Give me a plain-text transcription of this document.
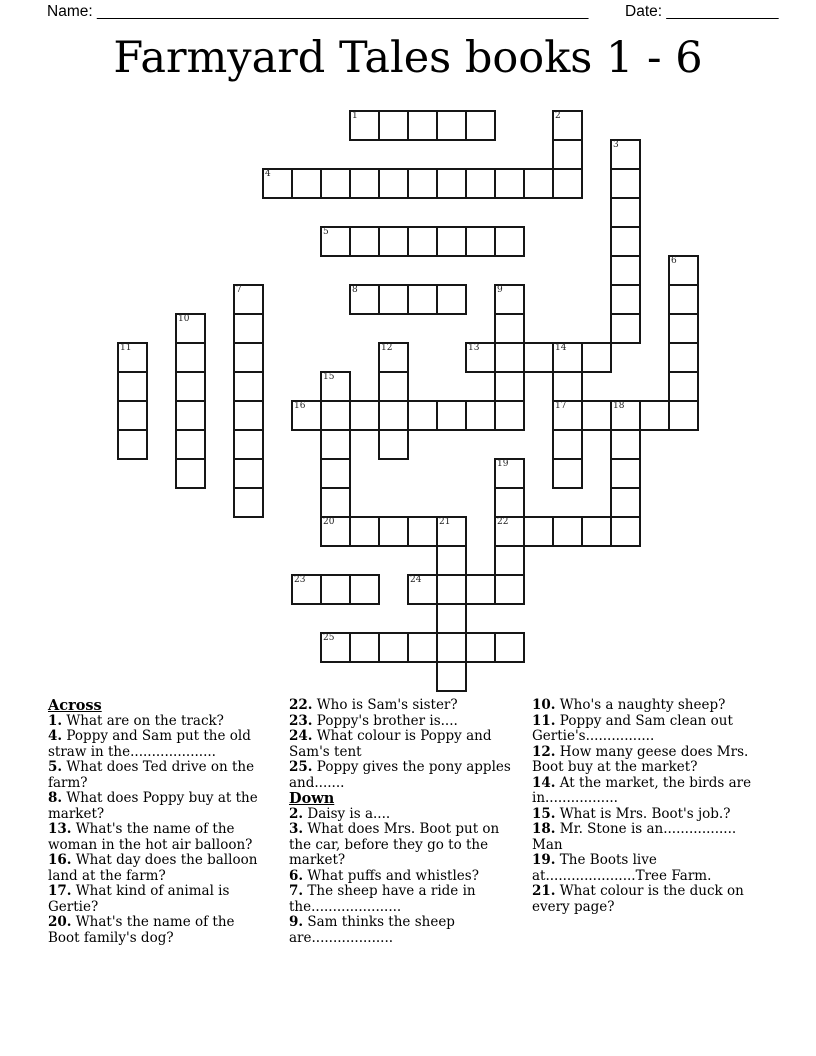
Name: _________________________________________________________ Date: _____________
Farmyard Tales books 1 - 6
1	2
3
4
5
6
7	8	9
10
11	12	13	14
17
15
20
16	18
19
22
21
23	24
25
Across

1. What are on the track?

4. Poppy and Sam put the old straw in the....................

5. What does Ted drive on the farm?

8. What does Poppy buy at the market?

13. What's the name of the woman in the hot air balloon?

16. What day does the balloon land at the farm?

17. What kind of animal is Gertie?

20. What's the name of the Boot family's dog?

22. Who is Sam's sister?

23. Poppy's brother is....

24. What colour is Poppy and Sam's tent

25. Poppy gives the pony apples and.......

Down

2. Daisy is a....

3. What does Mrs. Boot put on the car, before they go to the market?

6. What puffs and whistles?

7. The sheep have a ride in the.....................

9. Sam thinks the sheep are...................

10. Who's a naughty sheep?

11. Poppy and Sam clean out Gertie's................

12. How many geese does Mrs. Boot buy at the market?

14. At the market, the birds are in.................

15. What is Mrs. Boot's job.?

18. Mr. Stone is an................. Man

19. The Boots live at.....................Tree Farm.

21. What colour is the duck on every page?
